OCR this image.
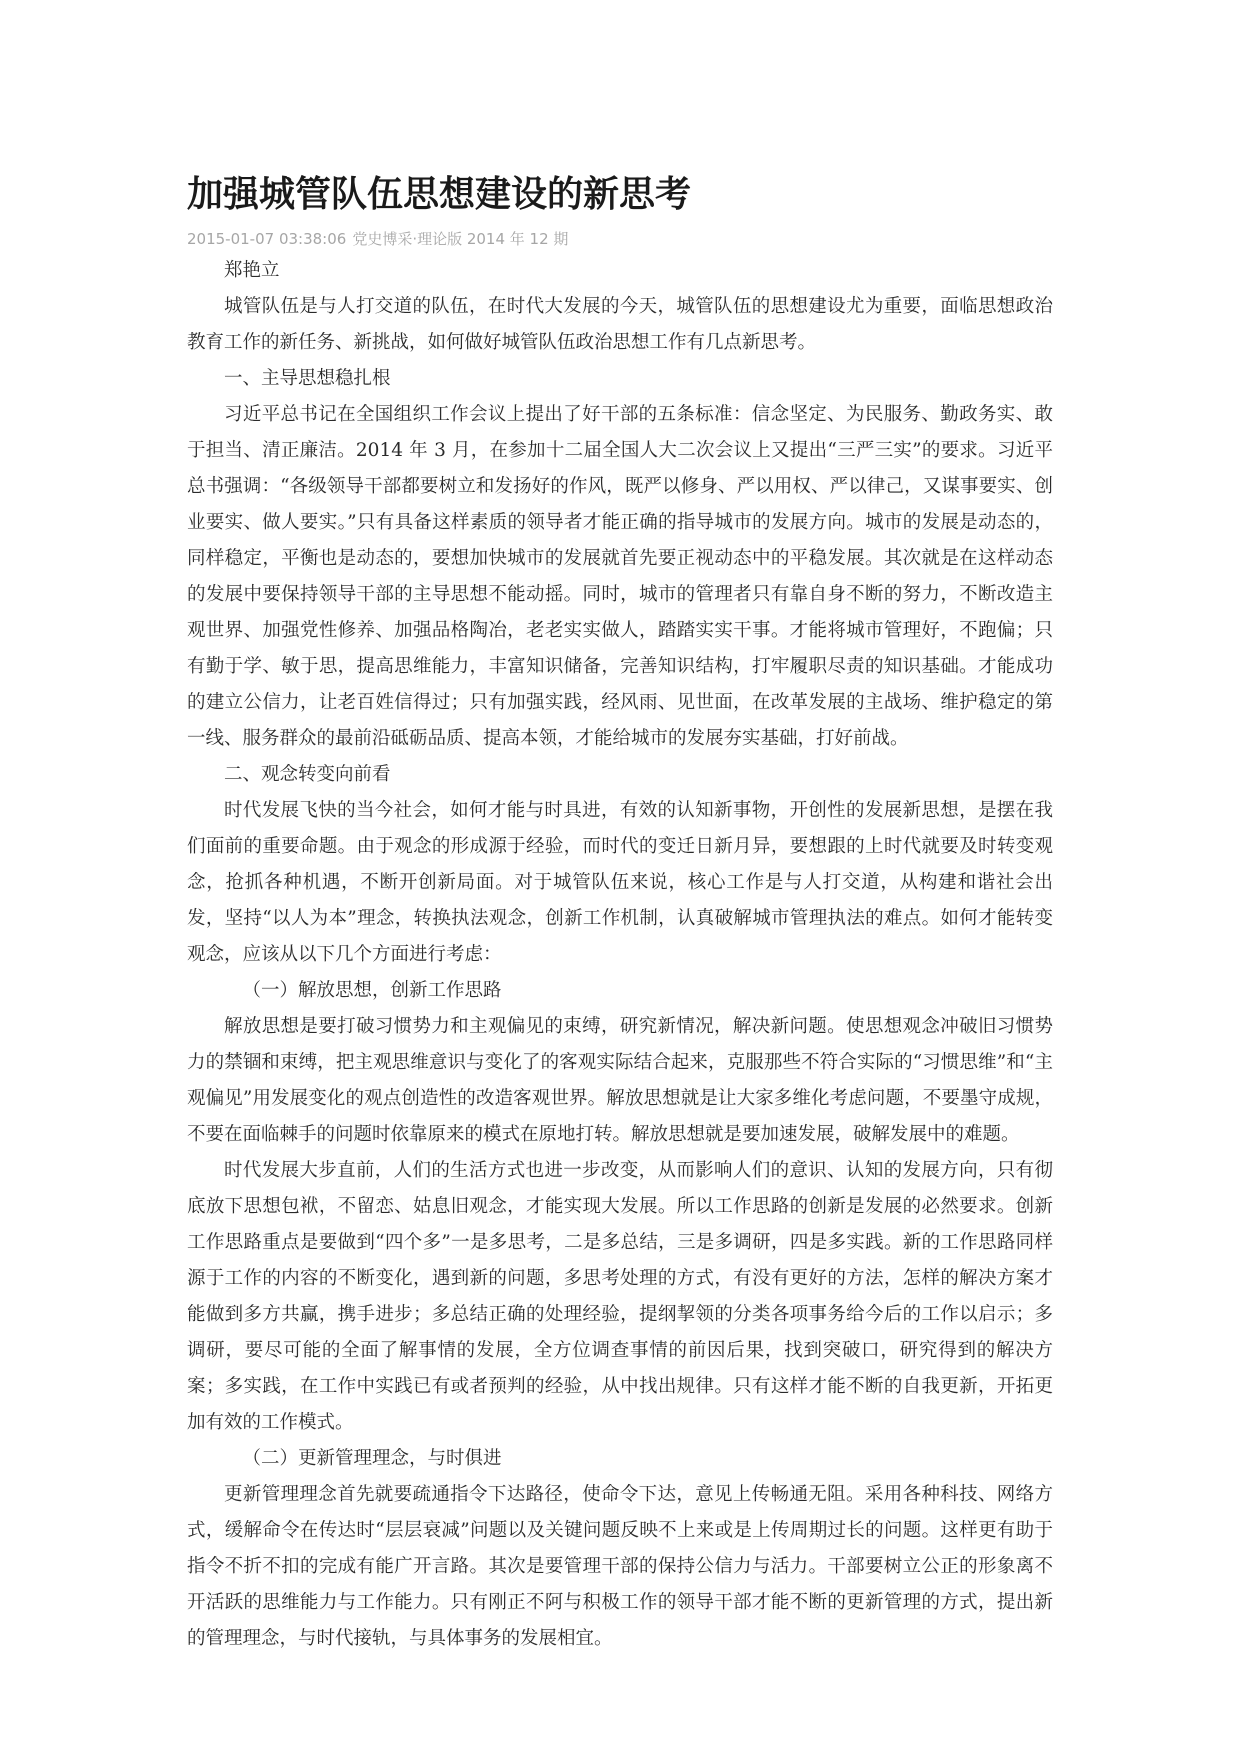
加强城管队伍思想建设的新思考
2015-01-07 03:38:06 党史博采·理论版 2014 年 12 期

郑艳立

城管队伍是与人打交道的队伍，在时代大发展的今天，城管队伍的思想建设尤为重要，面临思想政治教育工作的新任务、新挑战，如何做好城管队伍政治思想工作有几点新思考。

一、主导思想稳扎根

习近平总书记在全国组织工作会议上提出了好干部的五条标准：信念坚定、为民服务、勤政务实、敢于担当、清正廉洁。2014 年 3 月，在参加十二届全国人大二次会议上又提出“三严三实”的要求。习近平总书强调：“各级领导干部都要树立和发扬好的作风，既严以修身、严以用权、严以律己，又谋事要实、创业要实、做人要实。”只有具备这样素质的领导者才能正确的指导城市的发展方向。城市的发展是动态的，同样稳定，平衡也是动态的，要想加快城市的发展就首先要正视动态中的平稳发展。其次就是在这样动态的发展中要保持领导干部的主导思想不能动摇。同时，城市的管理者只有靠自身不断的努力，不断改造主观世界、加强党性修养、加强品格陶冶，老老实实做人，踏踏实实干事。才能将城市管理好，不跑偏；只有勤于学、敏于思，提高思维能力，丰富知识储备，完善知识结构，打牢履职尽责的知识基础。才能成功的建立公信力，让老百姓信得过；只有加强实践，经风雨、见世面，在改革发展的主战场、维护稳定的第一线、服务群众的最前沿砥砺品质、提高本领，才能给城市的发展夯实基础，打好前战。

二、观念转变向前看

时代发展飞快的当今社会，如何才能与时具进，有效的认知新事物，开创性的发展新思想，是摆在我们面前的重要命题。由于观念的形成源于经验，而时代的变迁日新月异，要想跟的上时代就要及时转变观念，抢抓各种机遇，不断开创新局面。对于城管队伍来说，核心工作是与人打交道，从构建和谐社会出发，坚持“以人为本”理念，转换执法观念，创新工作机制，认真破解城市管理执法的难点。如何才能转变观念，应该从以下几个方面进行考虑：

（一）解放思想，创新工作思路

解放思想是要打破习惯势力和主观偏见的束缚，研究新情况，解决新问题。使思想观念冲破旧习惯势力的禁锢和束缚，把主观思维意识与变化了的客观实际结合起来，克服那些不符合实际的“习惯思维”和“主观偏见”用发展变化的观点创造性的改造客观世界。解放思想就是让大家多维化考虑问题，不要墨守成规，不要在面临棘手的问题时依靠原来的模式在原地打转。解放思想就是要加速发展，破解发展中的难题。

时代发展大步直前，人们的生活方式也进一步改变，从而影响人们的意识、认知的发展方向，只有彻底放下思想包袱，不留恋、姑息旧观念，才能实现大发展。所以工作思路的创新是发展的必然要求。创新工作思路重点是要做到“四个多”一是多思考，二是多总结，三是多调研，四是多实践。新的工作思路同样源于工作的内容的不断变化，遇到新的问题，多思考处理的方式，有没有更好的方法，怎样的解决方案才能做到多方共赢，携手进步；多总结正确的处理经验，提纲挈领的分类各项事务给今后的工作以启示；多调研，要尽可能的全面了解事情的发展，全方位调查事情的前因后果，找到突破口，研究得到的解决方案；多实践，在工作中实践已有或者预判的经验，从中找出规律。只有这样才能不断的自我更新，开拓更加有效的工作模式。

（二）更新管理理念，与时俱进

更新管理理念首先就要疏通指令下达路径，使命令下达，意见上传畅通无阻。采用各种科技、网络方式，缓解命令在传达时“层层衰减”问题以及关键问题反映不上来或是上传周期过长的问题。这样更有助于指令不折不扣的完成有能广开言路。其次是要管理干部的保持公信力与活力。干部要树立公正的形象离不开活跃的思维能力与工作能力。只有刚正不阿与积极工作的领导干部才能不断的更新管理的方式，提出新的管理理念，与时代接轨，与具体事务的发展相宜。
